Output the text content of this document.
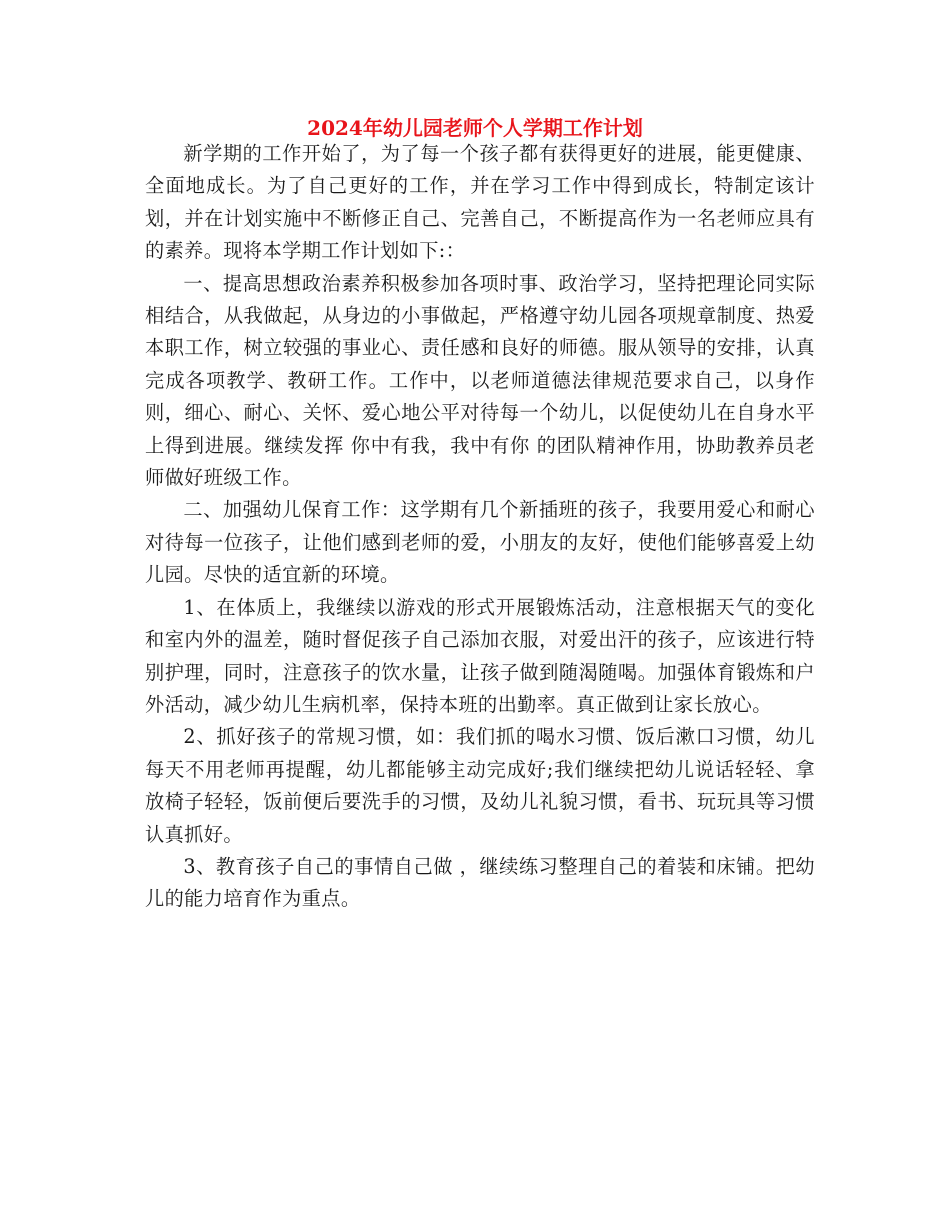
2024年幼儿园老师个人学期工作计划

新学期的工作开始了，为了每一个孩子都有获得更好的进展，能更健康、全面地成长。为了自己更好的工作，并在学习工作中得到成长，特制定该计划，并在计划实施中不断修正自己、完善自己，不断提高作为一名老师应具有的素养。现将本学期工作计划如下:：

一、提高思想政治素养积极参加各项时事、政治学习，坚持把理论同实际相结合，从我做起，从身边的小事做起，严格遵守幼儿园各项规章制度、热爱本职工作，树立较强的事业心、责任感和良好的师德。服从领导的安排，认真完成各项教学、教研工作。工作中，以老师道德法律规范要求自己，以身作则，细心、耐心、关怀、爱心地公平对待每一个幼儿，以促使幼儿在自身水平上得到进展。继续发挥 你中有我，我中有你 的团队精神作用，协助教养员老师做好班级工作。

二、加强幼儿保育工作：这学期有几个新插班的孩子，我要用爱心和耐心对待每一位孩子，让他们感到老师的爱，小朋友的友好，使他们能够喜爱上幼儿园。尽快的适宜新的环境。

1、在体质上，我继续以游戏的形式开展锻炼活动，注意根据天气的变化和室内外的温差，随时督促孩子自己添加衣服，对爱出汗的孩子，应该进行特别护理，同时，注意孩子的饮水量，让孩子做到随渴随喝。加强体育锻炼和户外活动，减少幼儿生病机率，保持本班的出勤率。真正做到让家长放心。

2、抓好孩子的常规习惯，如：我们抓的喝水习惯、饭后漱口习惯，幼儿每天不用老师再提醒，幼儿都能够主动完成好;我们继续把幼儿说话轻轻、拿放椅子轻轻，饭前便后要洗手的习惯，及幼儿礼貌习惯，看书、玩玩具等习惯认真抓好。

3、教育孩子自己的事情自己做 ，继续练习整理自己的着装和床铺。把幼儿的能力培育作为重点。
